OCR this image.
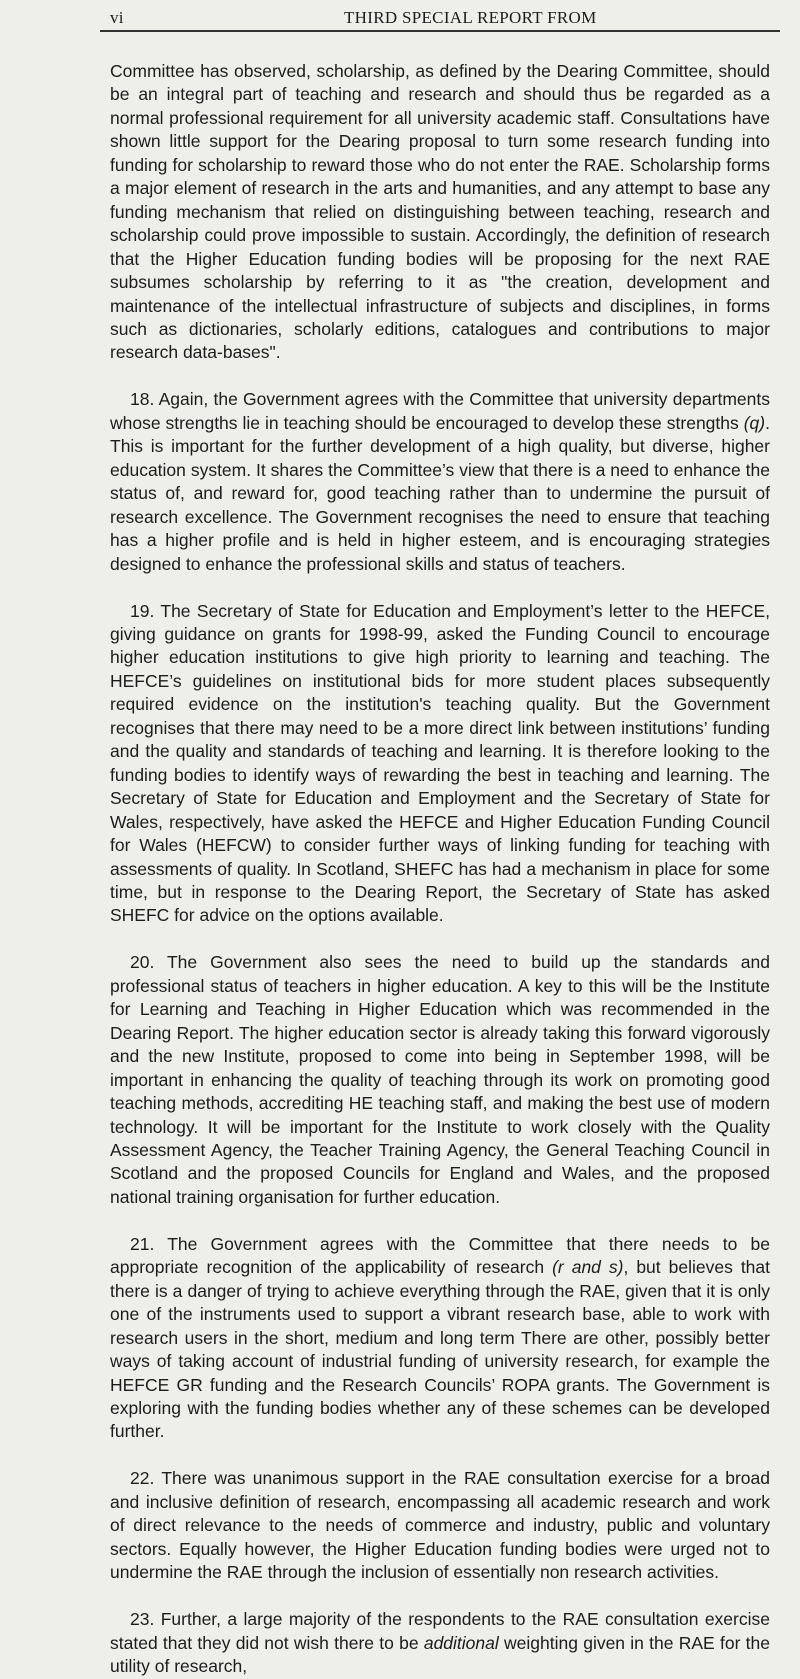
vi	THIRD SPECIAL REPORT FROM

Committee has observed, scholarship, as defined by the Dearing Committee, should be an integral part of teaching and research and should thus be regarded as a normal professional requirement for all university academic staff. Consultations have shown little support for the Dearing proposal to turn some research funding into funding for scholarship to reward those who do not enter the RAE. Scholarship forms a major element of research in the arts and humanities, and any attempt to base any funding mechanism that relied on distinguishing between teaching, research and scholarship could prove impossible to sustain. Accordingly, the definition of research that the Higher Education funding bodies will be proposing for the next RAE subsumes scholarship by referring to it as "the creation, development and maintenance of the intellectual infrastructure of subjects and disciplines, in forms such as dictionaries, scholarly editions, catalogues and contributions to major research data-bases".

18. Again, the Government agrees with the Committee that university departments whose strengths lie in teaching should be encouraged to develop these strengths (q). This is important for the further development of a high quality, but diverse, higher education system. It shares the Committee’s view that there is a need to enhance the status of, and reward for, good teaching rather than to undermine the pursuit of research excellence. The Government recognises the need to ensure that teaching has a higher profile and is held in higher esteem, and is encouraging strategies designed to enhance the professional skills and status of teachers.

19. The Secretary of State for Education and Employment’s letter to the HEFCE, giving guidance on grants for 1998-99, asked the Funding Council to encourage higher education institutions to give high priority to learning and teaching. The HEFCE’s guidelines on institutional bids for more student places subsequently required evidence on the institution's teaching quality. But the Government recognises that there may need to be a more direct link between institutions’ funding and the quality and standards of teaching and learning. It is therefore looking to the funding bodies to identify ways of rewarding the best in teaching and learning. The Secretary of State for Education and Employment and the Secretary of State for Wales, respectively, have asked the HEFCE and Higher Education Funding Council for Wales (HEFCW) to consider further ways of linking funding for teaching with assessments of quality. In Scotland, SHEFC has had a mechanism in place for some time, but in response to the Dearing Report, the Secretary of State has asked SHEFC for advice on the options available.

20. The Government also sees the need to build up the standards and professional status of teachers in higher education. A key to this will be the Institute for Learning and Teaching in Higher Education which was recommended in the Dearing Report. The higher education sector is already taking this forward vigorously and the new Institute, proposed to come into being in September 1998, will be important in enhancing the quality of teaching through its work on promoting good teaching methods, accrediting HE teaching staff, and making the best use of modern technology. It will be important for the Institute to work closely with the Quality Assessment Agency, the Teacher Training Agency, the General Teaching Council in Scotland and the proposed Councils for England and Wales, and the proposed national training organisation for further education.

21. The Government agrees with the Committee that there needs to be appropriate recognition of the applicability of research (r and s), but believes that there is a danger of trying to achieve everything through the RAE, given that it is only one of the instruments used to support a vibrant research base, able to work with research users in the short, medium and long term There are other, possibly better ways of taking account of industrial funding of university research, for example the HEFCE GR funding and the Research Councils’ ROPA grants. The Government is exploring with the funding bodies whether any of these schemes can be developed further.

22. There was unanimous support in the RAE consultation exercise for a broad and inclusive definition of research, encompassing all academic research and work of direct relevance to the needs of commerce and industry, public and voluntary sectors. Equally however, the Higher Education funding bodies were urged not to undermine the RAE through the inclusion of essentially non research activities.

23. Further, a large majority of the respondents to the RAE consultation exercise stated that they did not wish there to be additional weighting given in the RAE for the utility of research,
